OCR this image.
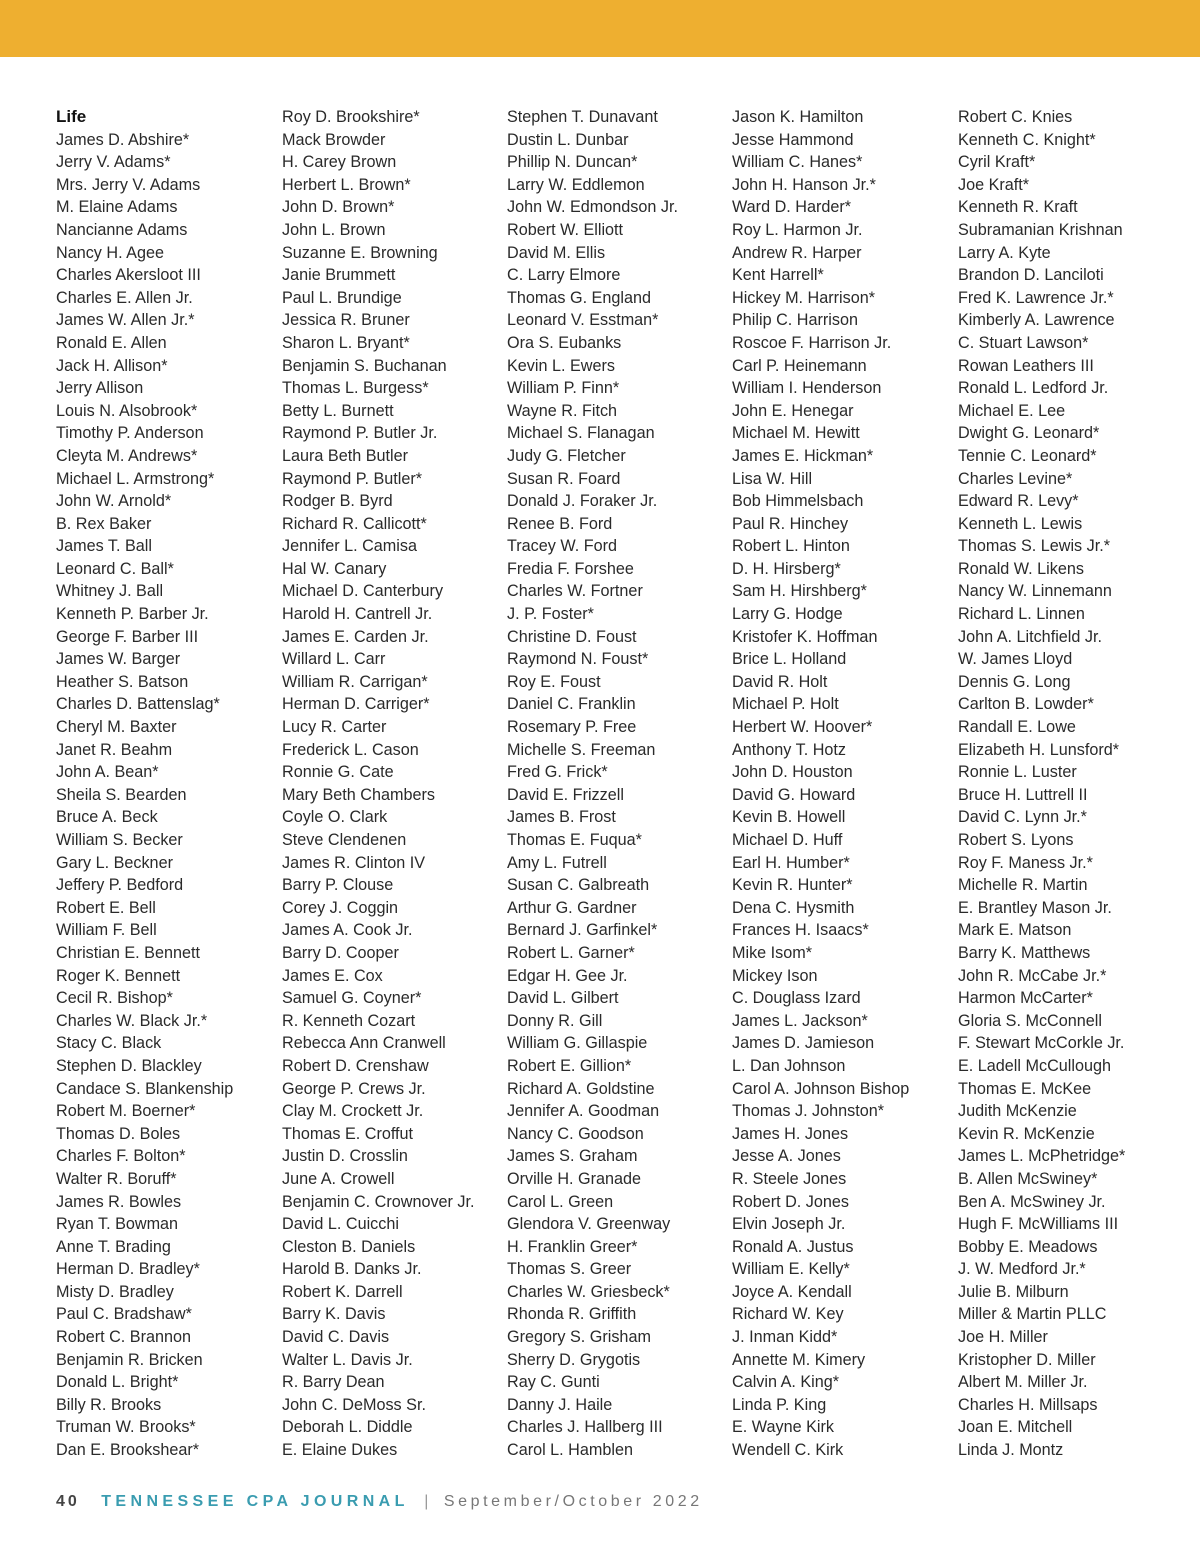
Life
James D. Abshire*
Jerry V. Adams*
Mrs. Jerry V. Adams
M. Elaine Adams
Nancianne Adams
Nancy H. Agee
Charles Akersloot III
Charles E. Allen Jr.
James W. Allen Jr.*
Ronald E. Allen
Jack H. Allison*
Jerry Allison
Louis N. Alsobrook*
Timothy P. Anderson
Cleyta M. Andrews*
Michael L. Armstrong*
John W. Arnold*
B. Rex Baker
James T. Ball
Leonard C. Ball*
Whitney J. Ball
Kenneth P. Barber Jr.
George F. Barber III
James W. Barger
Heather S. Batson
Charles D. Battenslag*
Cheryl M. Baxter
Janet R. Beahm
John A. Bean*
Sheila S. Bearden
Bruce A. Beck
William S. Becker
Gary L. Beckner
Jeffery P. Bedford
Robert E. Bell
William F. Bell
Christian E. Bennett
Roger K. Bennett
Cecil R. Bishop*
Charles W. Black Jr.*
Stacy C. Black
Stephen D. Blackley
Candace S. Blankenship
Robert M. Boerner*
Thomas D. Boles
Charles F. Bolton*
Walter R. Boruff*
James R. Bowles
Ryan T. Bowman
Anne T. Brading
Herman D. Bradley*
Misty D. Bradley
Paul C. Bradshaw*
Robert C. Brannon
Benjamin R. Bricken
Donald L. Bright*
Billy R. Brooks
Truman W. Brooks*
Dan E. Brookshear*
Roy D. Brookshire*
Mack Browder
H. Carey Brown
Herbert L. Brown*
John D. Brown*
John L. Brown
Suzanne E. Browning
Janie Brummett
Paul L. Brundige
Jessica R. Bruner
Sharon L. Bryant*
Benjamin S. Buchanan
Thomas L. Burgess*
Betty L. Burnett
Raymond P. Butler Jr.
Laura Beth Butler
Raymond P. Butler*
Rodger B. Byrd
Richard R. Callicott*
Jennifer L. Camisa
Hal W. Canary
Michael D. Canterbury
Harold H. Cantrell Jr.
James E. Carden Jr.
Willard L. Carr
William R. Carrigan*
Herman D. Carriger*
Lucy R. Carter
Frederick L. Cason
Ronnie G. Cate
Mary Beth Chambers
Coyle O. Clark
Steve Clendenen
James R. Clinton IV
Barry P. Clouse
Corey J. Coggin
James A. Cook Jr.
Barry D. Cooper
James E. Cox
Samuel G. Coyner*
R. Kenneth Cozart
Rebecca Ann Cranwell
Robert D. Crenshaw
George P. Crews Jr.
Clay M. Crockett Jr.
Thomas E. Croffut
Justin D. Crosslin
June A. Crowell
Benjamin C. Crownover Jr.
David L. Cuicchi
Cleston B. Daniels
Harold B. Danks Jr.
Robert K. Darrell
Barry K. Davis
David C. Davis
Walter L. Davis Jr.
R. Barry Dean
John C. DeMoss Sr.
Deborah L. Diddle
E. Elaine Dukes
Stephen T. Dunavant
Dustin L. Dunbar
Phillip N. Duncan*
Larry W. Eddlemon
John W. Edmondson Jr.
Robert W. Elliott
David M. Ellis
C. Larry Elmore
Thomas G. England
Leonard V. Esstman*
Ora S. Eubanks
Kevin L. Ewers
William P. Finn*
Wayne R. Fitch
Michael S. Flanagan
Judy G. Fletcher
Susan R. Foard
Donald J. Foraker Jr.
Renee B. Ford
Tracey W. Ford
Fredia F. Forshee
Charles W. Fortner
J. P. Foster*
Christine D. Foust
Raymond N. Foust*
Roy E. Foust
Daniel C. Franklin
Rosemary P. Free
Michelle S. Freeman
Fred G. Frick*
David E. Frizzell
James B. Frost
Thomas E. Fuqua*
Amy L. Futrell
Susan C. Galbreath
Arthur G. Gardner
Bernard J. Garfinkel*
Robert L. Garner*
Edgar H. Gee Jr.
David L. Gilbert
Donny R. Gill
William G. Gillaspie
Robert E. Gillion*
Richard A. Goldstine
Jennifer A. Goodman
Nancy C. Goodson
James S. Graham
Orville H. Granade
Carol L. Green
Glendora V. Greenway
H. Franklin Greer*
Thomas S. Greer
Charles W. Griesbeck*
Rhonda R. Griffith
Gregory S. Grisham
Sherry D. Grygotis
Ray C. Gunti
Danny J. Haile
Charles J. Hallberg III
Carol L. Hamblen
Jason K. Hamilton
Jesse Hammond
William C. Hanes*
John H. Hanson Jr.*
Ward D. Harder*
Roy L. Harmon Jr.
Andrew R. Harper
Kent Harrell*
Hickey M. Harrison*
Philip C. Harrison
Roscoe F. Harrison Jr.
Carl P. Heinemann
William I. Henderson
John E. Henegar
Michael M. Hewitt
James E. Hickman*
Lisa W. Hill
Bob Himmelsbach
Paul R. Hinchey
Robert L. Hinton
D. H. Hirsberg*
Sam H. Hirshberg*
Larry G. Hodge
Kristofer K. Hoffman
Brice L. Holland
David R. Holt
Michael P. Holt
Herbert W. Hoover*
Anthony T. Hotz
John D. Houston
David G. Howard
Kevin B. Howell
Michael D. Huff
Earl H. Humber*
Kevin R. Hunter*
Dena C. Hysmith
Frances H. Isaacs*
Mike Isom*
Mickey Ison
C. Douglass Izard
James L. Jackson*
James D. Jamieson
L. Dan Johnson
Carol A. Johnson Bishop
Thomas J. Johnston*
James H. Jones
Jesse A. Jones
R. Steele Jones
Robert D. Jones
Elvin Joseph Jr.
Ronald A. Justus
William E. Kelly*
Joyce A. Kendall
Richard W. Key
J. Inman Kidd*
Annette M. Kimery
Calvin A. King*
Linda P. King
E. Wayne Kirk
Wendell C. Kirk
Robert C. Knies
Kenneth C. Knight*
Cyril Kraft*
Joe Kraft*
Kenneth R. Kraft
Subramanian Krishnan
Larry A. Kyte
Brandon D. Lanciloti
Fred K. Lawrence Jr.*
Kimberly A. Lawrence
C. Stuart Lawson*
Rowan Leathers III
Ronald L. Ledford Jr.
Michael E. Lee
Dwight G. Leonard*
Tennie C. Leonard*
Charles Levine*
Edward R. Levy*
Kenneth L. Lewis
Thomas S. Lewis Jr.*
Ronald W. Likens
Nancy W. Linnemann
Richard L. Linnen
John A. Litchfield Jr.
W. James Lloyd
Dennis G. Long
Carlton B. Lowder*
Randall E. Lowe
Elizabeth H. Lunsford*
Ronnie L. Luster
Bruce H. Luttrell II
David C. Lynn Jr.*
Robert S. Lyons
Roy F. Maness Jr.*
Michelle R. Martin
E. Brantley Mason Jr.
Mark E. Matson
Barry K. Matthews
John R. McCabe Jr.*
Harmon McCarter*
Gloria S. McConnell
F. Stewart McCorkle Jr.
E. Ladell McCullough
Thomas E. McKee
Judith McKenzie
Kevin R. McKenzie
James L. McPhetridge*
B. Allen McSwiney*
Ben A. McSwiney Jr.
Hugh F. McWilliams III
Bobby E. Meadows
J. W. Medford Jr.*
Julie B. Milburn
Miller & Martin PLLC
Joe H. Miller
Kristopher D. Miller
Albert M. Miller Jr.
Charles H. Millsaps
Joan E. Mitchell
Linda J. Montz
40 TENNESSEE CPA JOURNAL | September/October 2022
